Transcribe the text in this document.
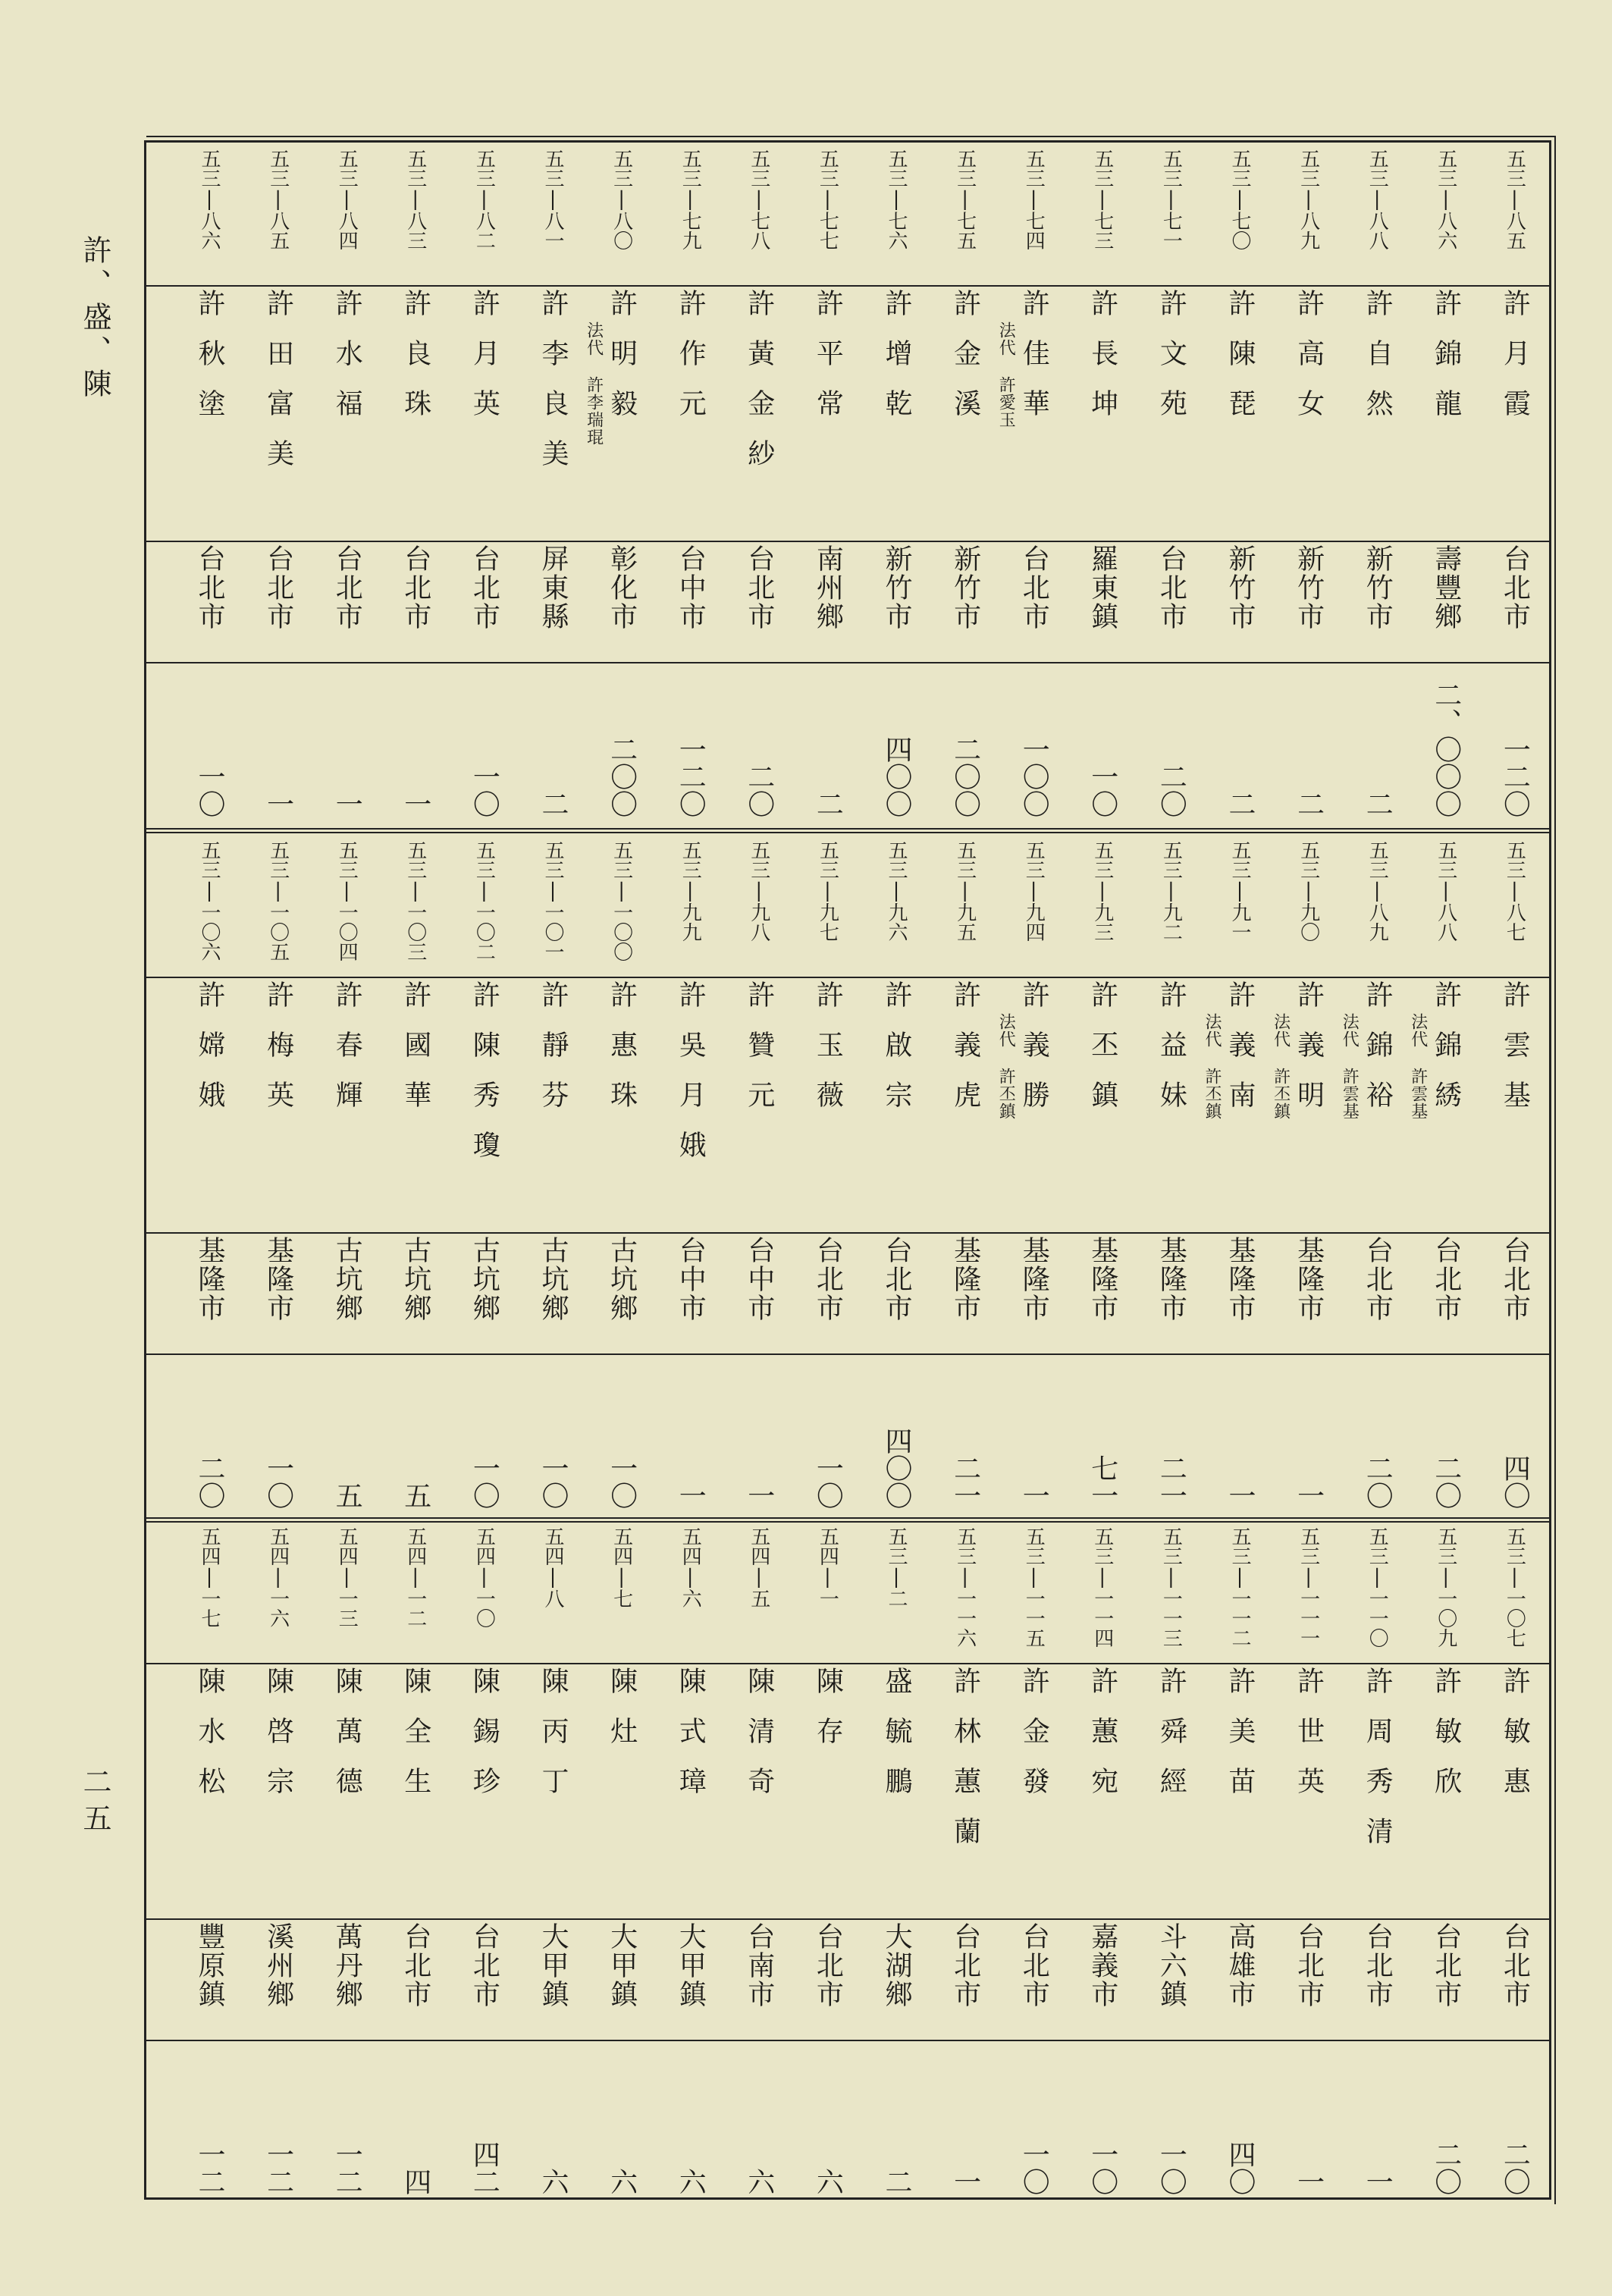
許、盛、陳
二五
五三|八五
許月霞
台北市
一二〇
五三|八六
許錦龍
壽豐鄉
二、〇〇〇
五三|八八
許自然
新竹市
二
五三|八九
許高女
新竹市
二
五三|七〇
許陳琵
新竹市
二
五三|七一
許文苑
台北市
二〇
五三|七三
許長坤
羅東鎮
一〇
五三|七四
許佳華
台北市
一〇〇
法代 許愛玉
五三|七五
許金溪
新竹市
二〇〇
五三|七六
許增乾
新竹市
四〇〇
五三|七七
許平常
南州鄉
二
五三|七八
許黃金紗
台北市
二〇
五三|七九
許作元
台中市
一二〇
五三|八〇
許明毅
彰化市
二〇〇
法代 許李瑞琨
五三|八一
許李良美
屏東縣
二
五三|八二
許月英
台北市
一〇
五三|八三
許良珠
台北市
一
五三|八四
許水福
台北市
一
五三|八五
許田富美
台北市
一
五三|八六
許秋塗
台北市
一〇
五三|八七
許雲基
台北市
四〇
五三|八八
許錦綉
台北市
二〇
法代 許雲基
五三|八九
許錦裕
台北市
二〇
法代 許雲基
五三|九〇
許義明
基隆市
一
法代 許丕鎮
五三|九一
許義南
基隆市
一
法代 許丕鎮
五三|九二
許益妹
基隆市
二一
五三|九三
許丕鎮
基隆市
七一
五三|九四
許義勝
基隆市
一
法代 許丕鎮
五三|九五
許義虎
基隆市
二一
五三|九六
許啟宗
台北市
四〇〇
五三|九七
許玉薇
台北市
一〇
五三|九八
許贊元
台中市
一
五三|九九
許吳月娥
台中市
一
五三|一〇〇
許惠珠
古坑鄉
一〇
五三|一〇一
許靜芬
古坑鄉
一〇
五三|一〇二
許陳秀瓊
古坑鄉
一〇
五三|一〇三
許國華
古坑鄉
五
五三|一〇四
許春輝
古坑鄉
五
五三|一〇五
許梅英
基隆市
一〇
五三|一〇六
許嫦娥
基隆市
二〇
五三|一〇七
許敏惠
台北市
二〇
五三|一〇九
許敏欣
台北市
二〇
五三|一一〇
許周秀清
台北市
一
五三|一一一
許世英
台北市
一
五三|一一二
許美苗
高雄市
四〇
五三|一一三
許舜經
斗六鎮
一〇
五三|一一四
許蕙宛
嘉義市
一〇
五三|一一五
許金發
台北市
一〇
五三|一一六
許林蕙蘭
台北市
一
五三|二
盛毓鵬
大湖鄉
二
五四|一
陳存
台北市
六
五四|五
陳清奇
台南市
六
五四|六
陳式璋
大甲鎮
六
五四|七
陳灶
大甲鎮
六
五四|八
陳丙丁
大甲鎮
六
五四|一〇
陳錫珍
台北市
四二
五四|一二
陳全生
台北市
四
五四|一三
陳萬德
萬丹鄉
一二
五四|一六
陳啓宗
溪州鄉
一二
五四|一七
陳水松
豐原鎮
一二
